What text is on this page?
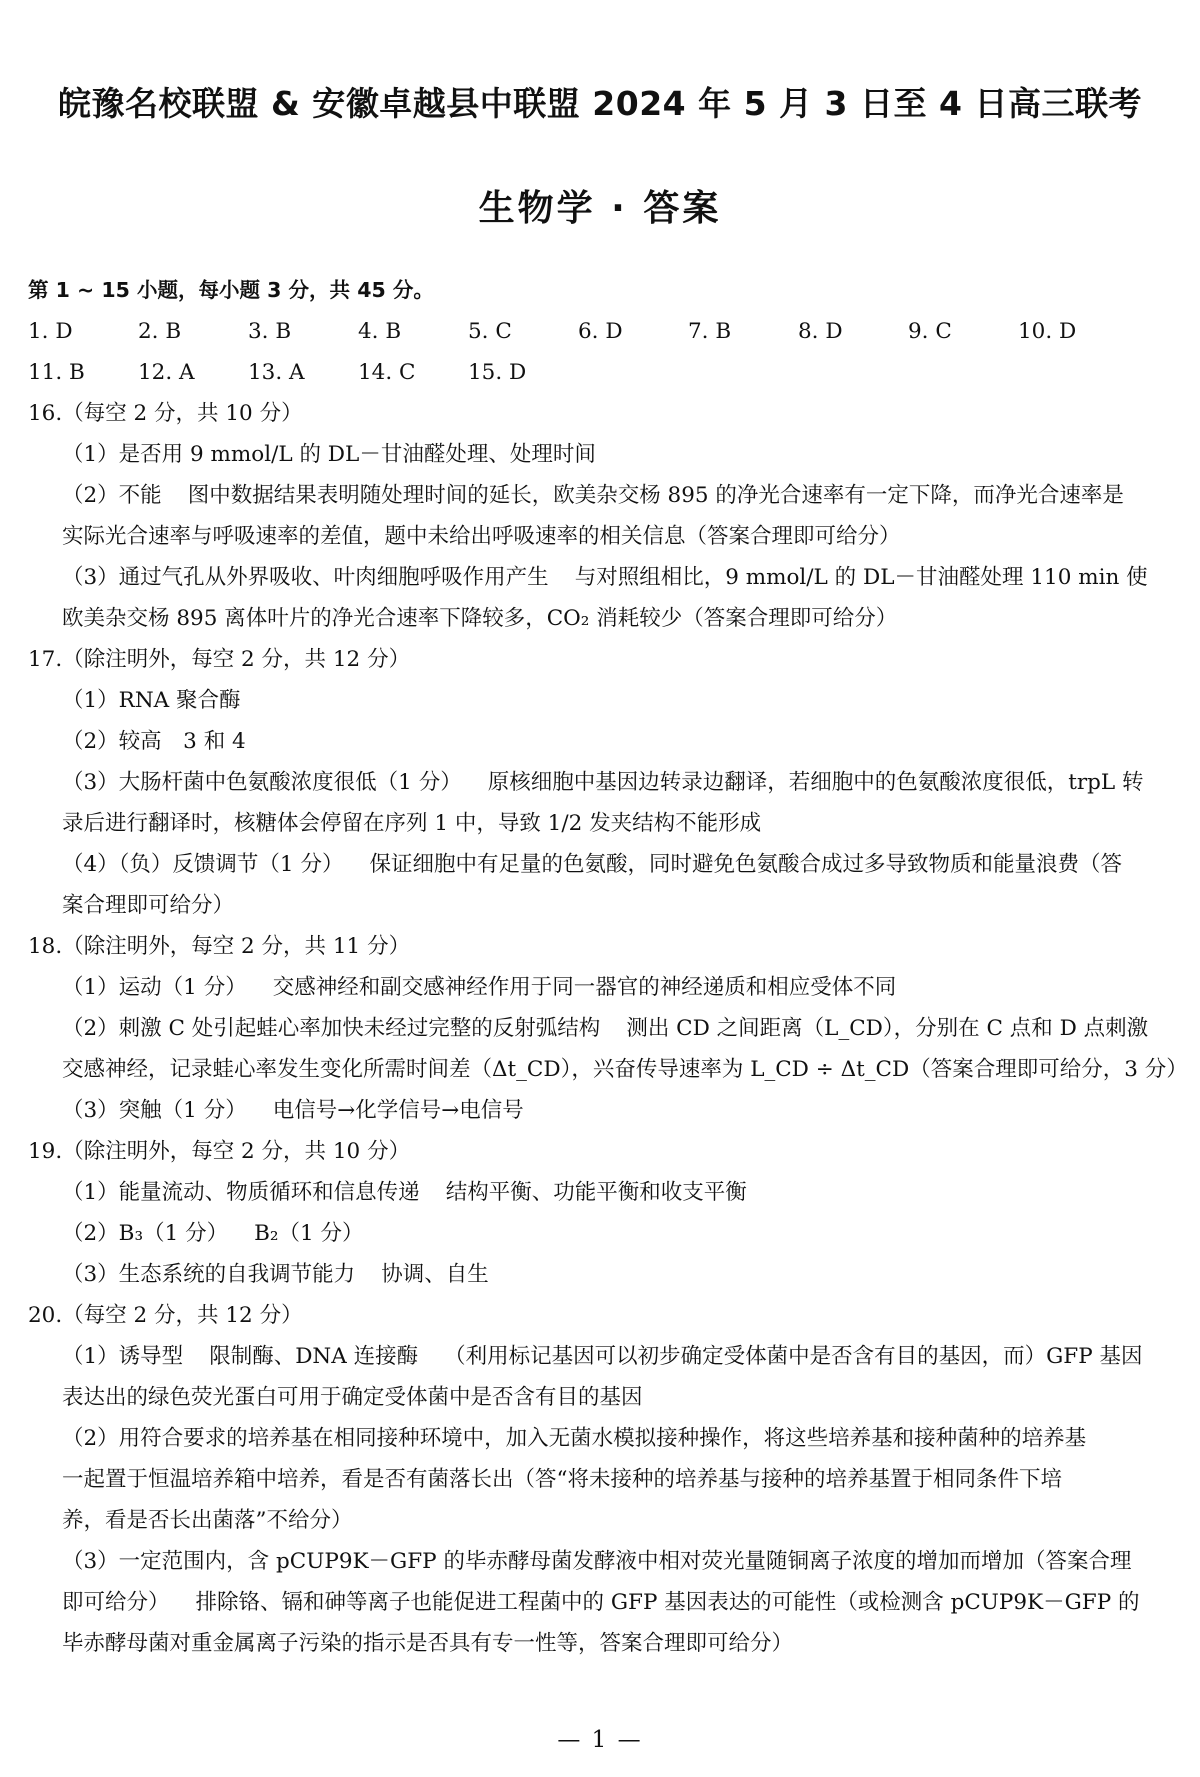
皖豫名校联盟 & 安徽卓越县中联盟 2024 年 5 月 3 日至 4 日高三联考
生物学 · 答案
第 1 ~ 15 小题，每小题 3 分，共 45 分。
1. D	2. B	3. B	4. B	5. C	6. D	7. B	8. D	9. C	10. D
11. B	12. A	13. A	14. C	15. D
16.（每空 2 分，共 10 分）
（1）是否用 9 mmol/L 的 DL－甘油醛处理、处理时间
（2）不能 图中数据结果表明随处理时间的延长，欧美杂交杨 895 的净光合速率有一定下降，而净光合速率是
实际光合速率与呼吸速率的差值，题中未给出呼吸速率的相关信息（答案合理即可给分）
（3）通过气孔从外界吸收、叶肉细胞呼吸作用产生 与对照组相比，9 mmol/L 的 DL－甘油醛处理 110 min 使
欧美杂交杨 895 离体叶片的净光合速率下降较多，CO₂ 消耗较少（答案合理即可给分）
17.（除注明外，每空 2 分，共 12 分）
（1）RNA 聚合酶
（2）较高　3 和 4
（3）大肠杆菌中色氨酸浓度很低（1 分） 原核细胞中基因边转录边翻译，若细胞中的色氨酸浓度很低，trpL 转
录后进行翻译时，核糖体会停留在序列 1 中，导致 1/2 发夹结构不能形成
（4）（负）反馈调节（1 分） 保证细胞中有足量的色氨酸，同时避免色氨酸合成过多导致物质和能量浪费（答
案合理即可给分）
18.（除注明外，每空 2 分，共 11 分）
（1）运动（1 分） 交感神经和副交感神经作用于同一器官的神经递质和相应受体不同
（2）刺激 C 处引起蛙心率加快未经过完整的反射弧结构 测出 CD 之间距离（L_CD），分别在 C 点和 D 点刺激
交感神经，记录蛙心率发生变化所需时间差（Δt_CD），兴奋传导速率为 L_CD ÷ Δt_CD（答案合理即可给分，3 分）
（3）突触（1 分） 电信号→化学信号→电信号
19.（除注明外，每空 2 分，共 10 分）
（1）能量流动、物质循环和信息传递 结构平衡、功能平衡和收支平衡
（2）B₃（1 分） B₂（1 分）
（3）生态系统的自我调节能力 协调、自生
20.（每空 2 分，共 12 分）
（1）诱导型 限制酶、DNA 连接酶 （利用标记基因可以初步确定受体菌中是否含有目的基因，而）GFP 基因
表达出的绿色荧光蛋白可用于确定受体菌中是否含有目的基因
（2）用符合要求的培养基在相同接种环境中，加入无菌水模拟接种操作，将这些培养基和接种菌种的培养基
一起置于恒温培养箱中培养，看是否有菌落长出（答“将未接种的培养基与接种的培养基置于相同条件下培
养，看是否长出菌落”不给分）
（3）一定范围内，含 pCUP9K－GFP 的毕赤酵母菌发酵液中相对荧光量随铜离子浓度的增加而增加（答案合理
即可给分） 排除铬、镉和砷等离子也能促进工程菌中的 GFP 基因表达的可能性（或检测含 pCUP9K－GFP 的
毕赤酵母菌对重金属离子污染的指示是否具有专一性等，答案合理即可给分）
— 1 —
